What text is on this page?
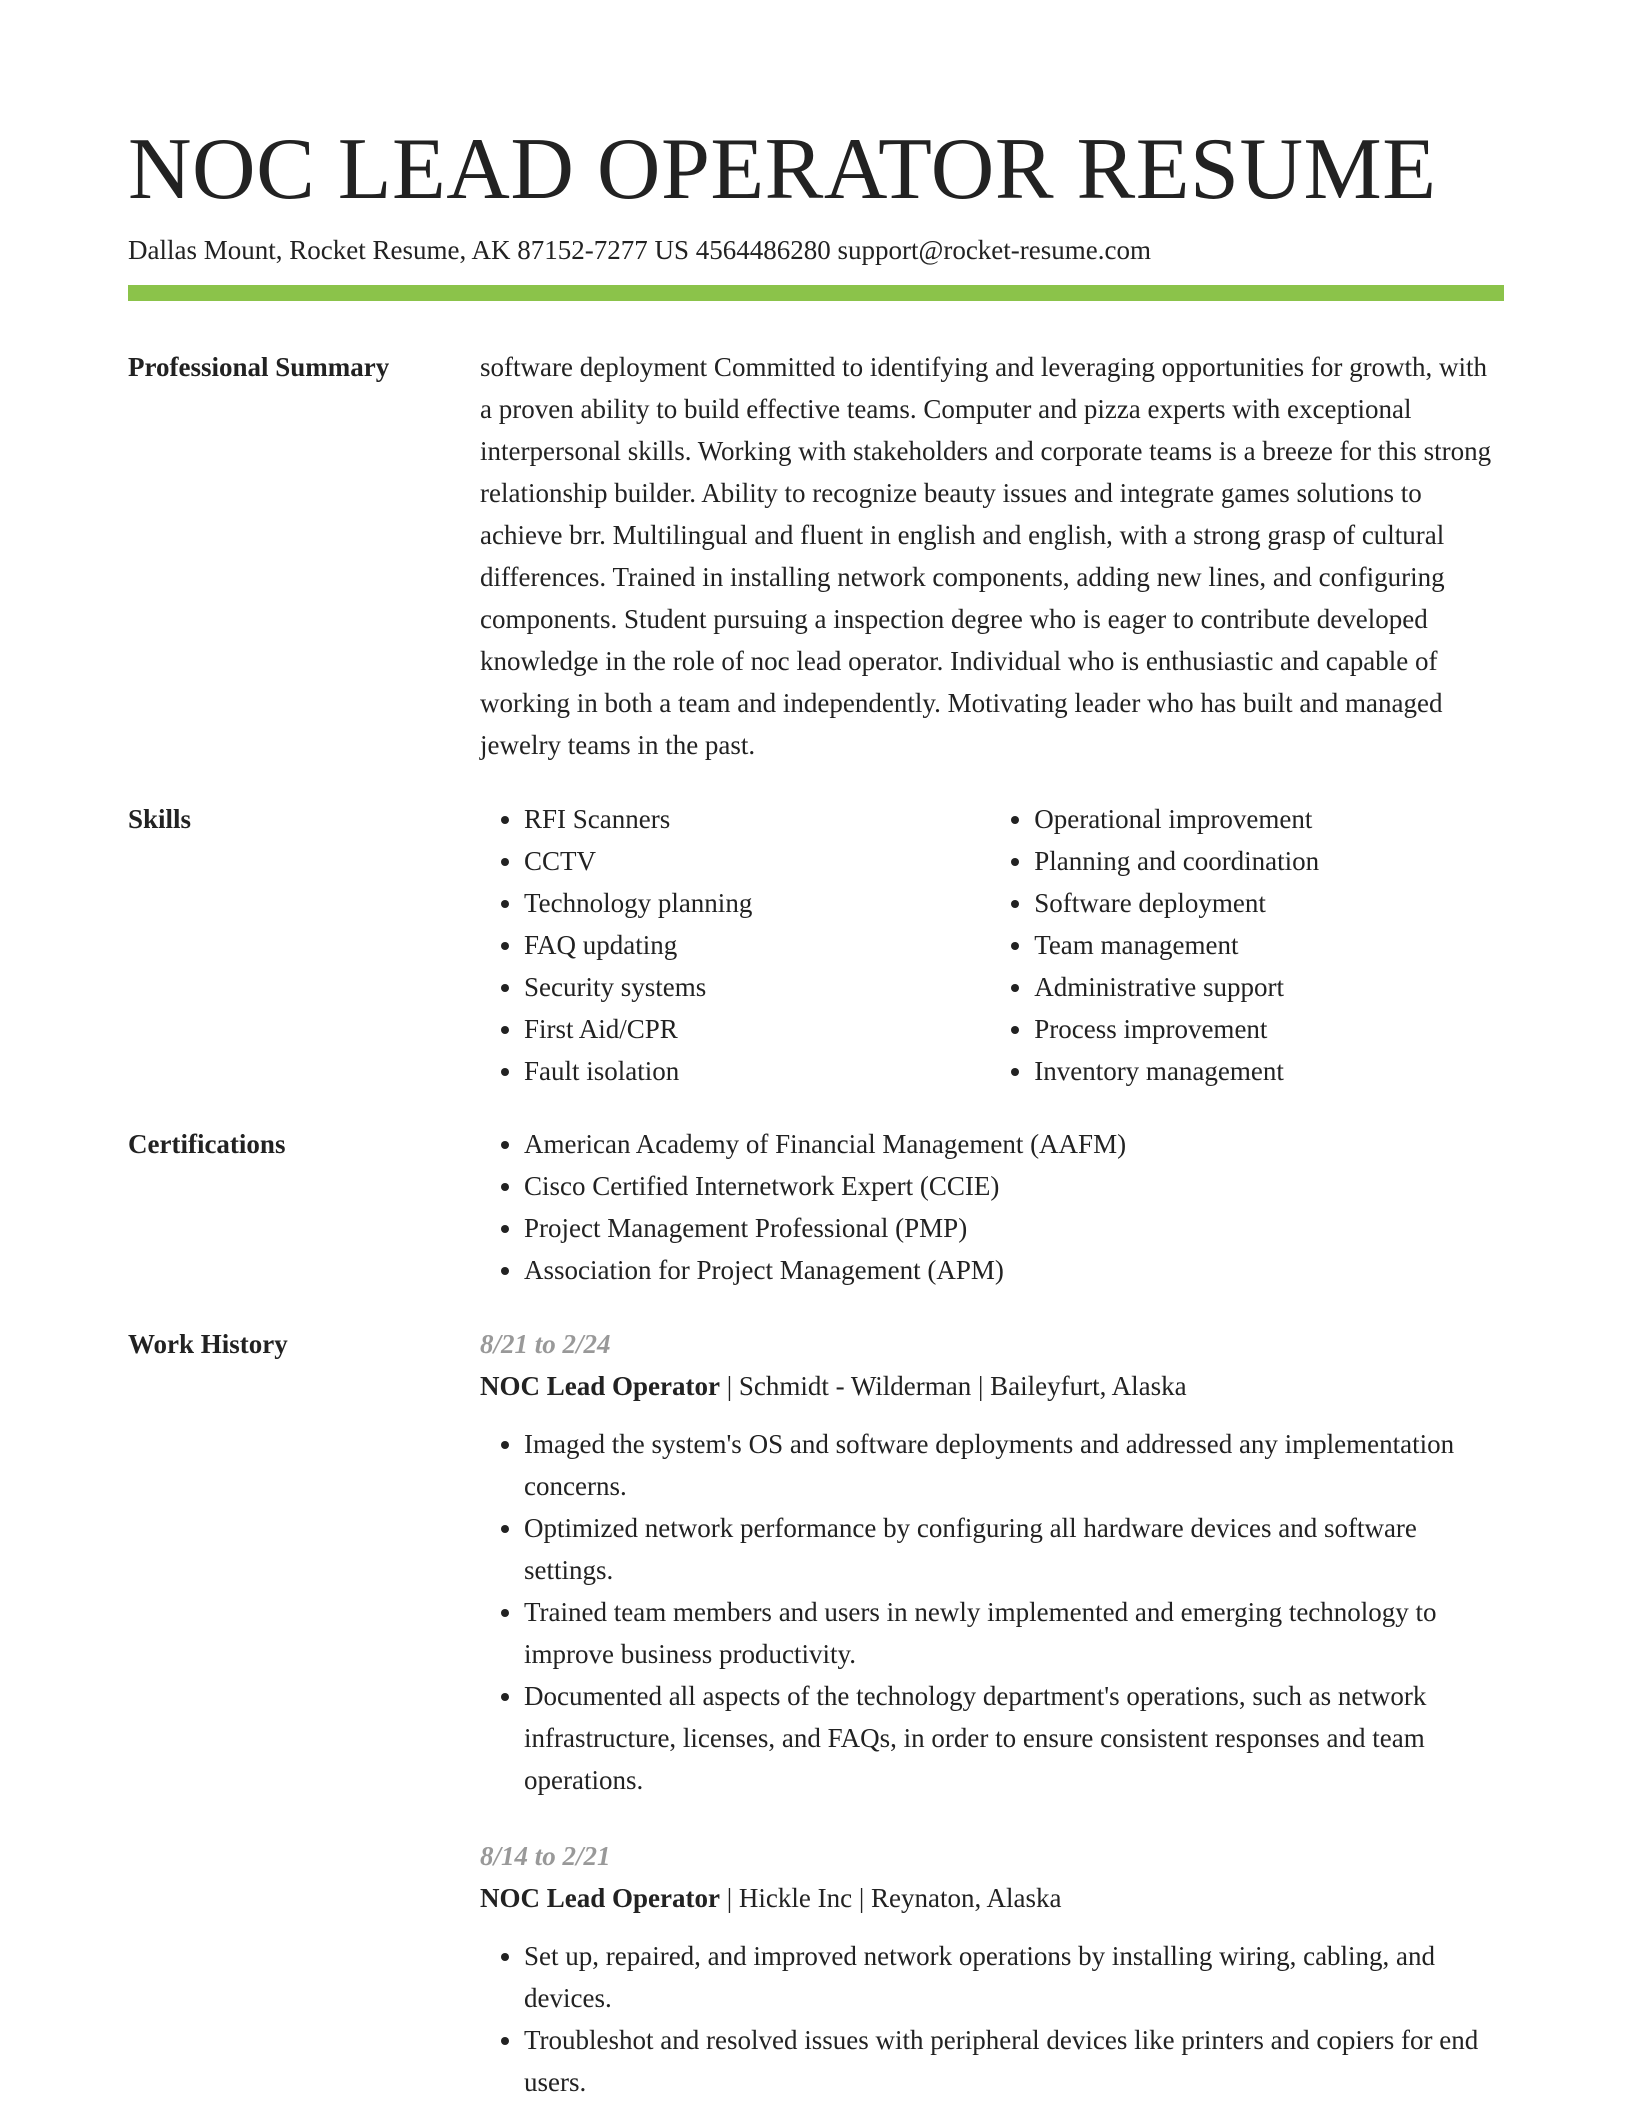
NOC LEAD OPERATOR RESUME
Dallas Mount, Rocket Resume, AK 87152-7277 US 4564486280 support@rocket-resume.com
Professional Summary	software deployment Committed to identifying and leveraging opportunities for growth, with a proven ability to build effective teams. Computer and pizza experts with exceptional interpersonal skills. Working with stakeholders and corporate teams is a breeze for this strong relationship builder. Ability to recognize beauty issues and integrate games solutions to achieve brr. Multilingual and fluent in english and english, with a strong grasp of cultural differences. Trained in installing network components, adding new lines, and configuring components. Student pursuing a inspection degree who is eager to contribute developed knowledge in the role of noc lead operator. Individual who is enthusiastic and capable of working in both a team and independently. Motivating leader who has built and managed jewelry teams in the past.

Skills	• RFI Scanners
• CCTV
• Technology planning
• FAQ updating
• Security systems
• First Aid/CPR
• Fault isolation
• Operational improvement
• Planning and coordination
• Software deployment
• Team management
• Administrative support
• Process improvement
• Inventory management
Certifications	• American Academy of Financial Management (AAFM)
• Cisco Certified Internetwork Expert (CCIE)
• Project Management Professional (PMP)
• Association for Project Management (APM)
Work History	8/21 to 2/24
NOC Lead Operator | Schmidt - Wilderman | Baileyfurt, Alaska
• Imaged the system's OS and software deployments and addressed any implementation concerns.
• Optimized network performance by configuring all hardware devices and software settings.
• Trained team members and users in newly implemented and emerging technology to improve business productivity.
• Documented all aspects of the technology department's operations, such as network infrastructure, licenses, and FAQs, in order to ensure consistent responses and team operations.
8/14 to 2/21
NOC Lead Operator | Hickle Inc | Reynaton, Alaska
• Set up, repaired, and improved network operations by installing wiring, cabling, and devices.
• Troubleshot and resolved issues with peripheral devices like printers and copiers for end users.
